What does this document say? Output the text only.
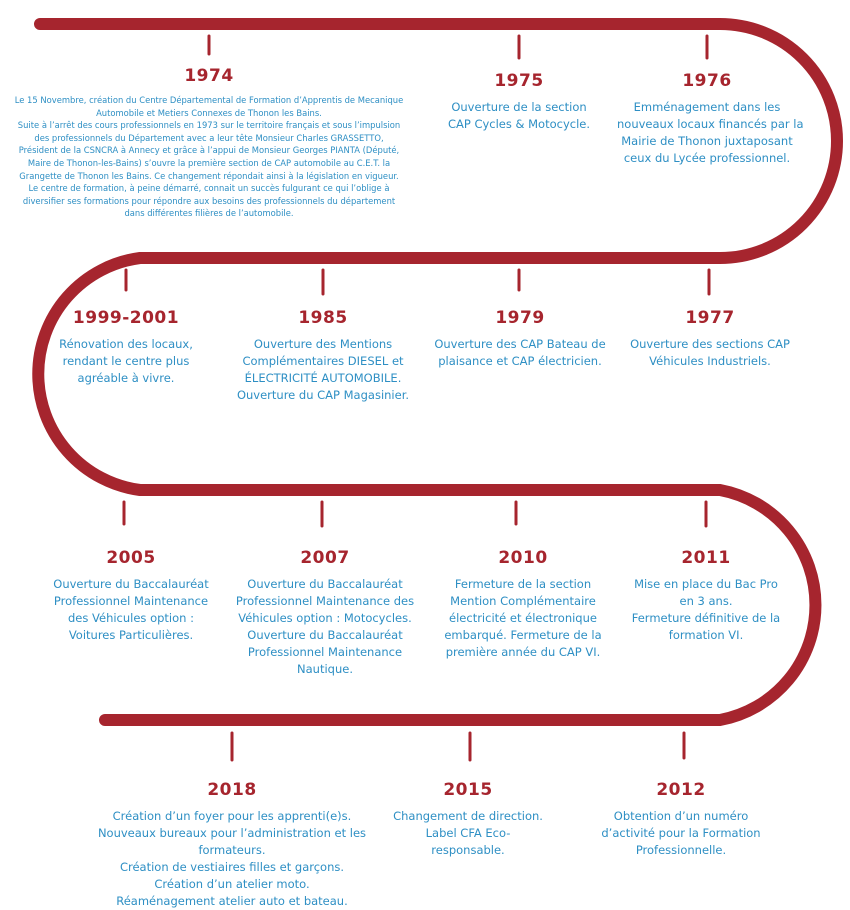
1974
Le 15 Novembre, création du Centre Départemental de Formation d’Apprentis de Mecanique
Automobile et Metiers Connexes de Thonon les Bains.
Suite à l’arrêt des cours professionnels en 1973 sur le territoire français et sous l’impulsion
des professionnels du Département avec a leur tête Monsieur Charles GRASSETTO,
Président de la CSNCRA à Annecy et grâce à l’appui de Monsieur Georges PIANTA (Député,
Maire de Thonon-les-Bains) s’ouvre la première section de CAP automobile au C.E.T. la
Grangette de Thonon les Bains. Ce changement répondait ainsi à la législation en vigueur.
Le centre de formation, à peine démarré, connait un succès fulgurant ce qui l’oblige à
diversifier ses formations pour répondre aux besoins des professionnels du département
dans différentes filières de l’automobile.
1975
Ouverture de la section
CAP Cycles & Motocycle.
1976
Emménagement dans les
nouveaux locaux financés par la
Mairie de Thonon juxtaposant
ceux du Lycée professionnel.
1999-2001
Rénovation des locaux,
rendant le centre plus
agréable à vivre.
1985
Ouverture des Mentions
Complémentaires DIESEL et
ÉLECTRICITÉ AUTOMOBILE.
Ouverture du CAP Magasinier.
1979
Ouverture des CAP Bateau de
plaisance et CAP électricien.
1977
Ouverture des sections CAP
Véhicules Industriels.
2005
Ouverture du Baccalauréat
Professionnel Maintenance
des Véhicules option :
Voitures Particulières.
2007
Ouverture du Baccalauréat
Professionnel Maintenance des
Véhicules option : Motocycles.
Ouverture du Baccalauréat
Professionnel Maintenance
Nautique.
2010
Fermeture de la section
Mention Complémentaire
électricité et électronique
embarqué. Fermeture de la
première année du CAP VI.
2011
Mise en place du Bac Pro
en 3 ans.
Fermeture définitive de la
formation VI.
2018
Création d’un foyer pour les apprenti(e)s.
Nouveaux bureaux pour l’administration et les
formateurs.
Création de vestiaires filles et garçons.
Création d’un atelier moto.
Réaménagement atelier auto et bateau.
2015
Changement de direction.
Label CFA Eco-
responsable.
2012
Obtention d’un numéro
d’activité pour la Formation
Professionnelle.
